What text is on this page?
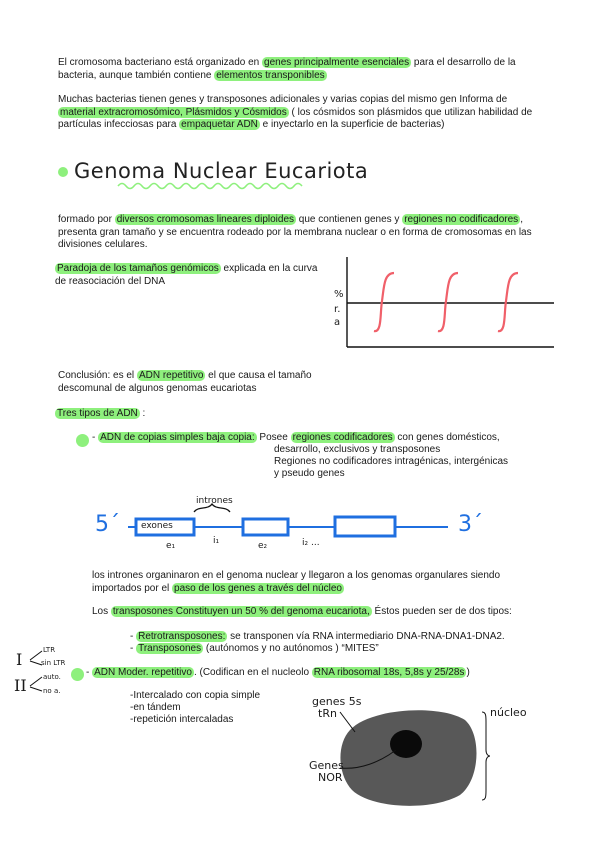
El cromosoma bacteriano está organizado en genes principalmente esenciales para el desarrollo de la bacteria, aunque también contiene elementos transponibles
Muchas bacterias tienen genes y transposones adicionales y varias copias del mismo gen Informa de material extracromosómico, Plásmidos y Cósmidos ( los cósmidos son plásmidos que utilizan habilidad de partículas infecciosas para empaquetar ADN e inyectarlo en la superficie de bacterias)
Genoma Nuclear Eucariota
formado por diversos cromosomas lineares diploides que contienen genes y regiones no codificadores , presenta gran tamaño y se encuentra rodeado por la membrana nuclear o en forma de cromosomas en las divisiones celulares.
Paradoja de los tamaños genómicos explicada en la curva de reasociación del DNA
%
r.
a
Conclusión: es el ADN repetitivo el que causa el tamaño descomunal de algunos genomas eucariotas
Tres tipos de ADN :
- ADN de copias simples baja copia: Posee regiones codificadores con genes domésticos,
desarrollo, exclusivos y transposones
Regiones no codificadores intragénicas, intergénicas
y pseudo genes
5´	3´
intrones
exones
e₁	i₁	e₂	i₂ ...
los intrones organinaron en el genoma nuclear y llegaron a los genomas organulares siendo importados por el paso de los genes a través del núcleo
Los transposones Constituyen un 50 % del genoma eucariota, Éstos pueden ser de dos tipos:
- Retrotransposones: se transponen vía RNA intermediario DNA-RNA-DNA1-DNA2.
- Transposones (autónomos y no autónomos ) “MITES”
I
II
LTR
sin LTR
auto.
no a.
- ADN Moder. repetitivo . (Codifican en el nucleolo RNA ribosomal 18s, 5,8s y 25/28s )
-Intercalado con copia simple
-en tándem
-repetición intercaladas
genes 5s
tRn	núcleo
Genes
NOR
